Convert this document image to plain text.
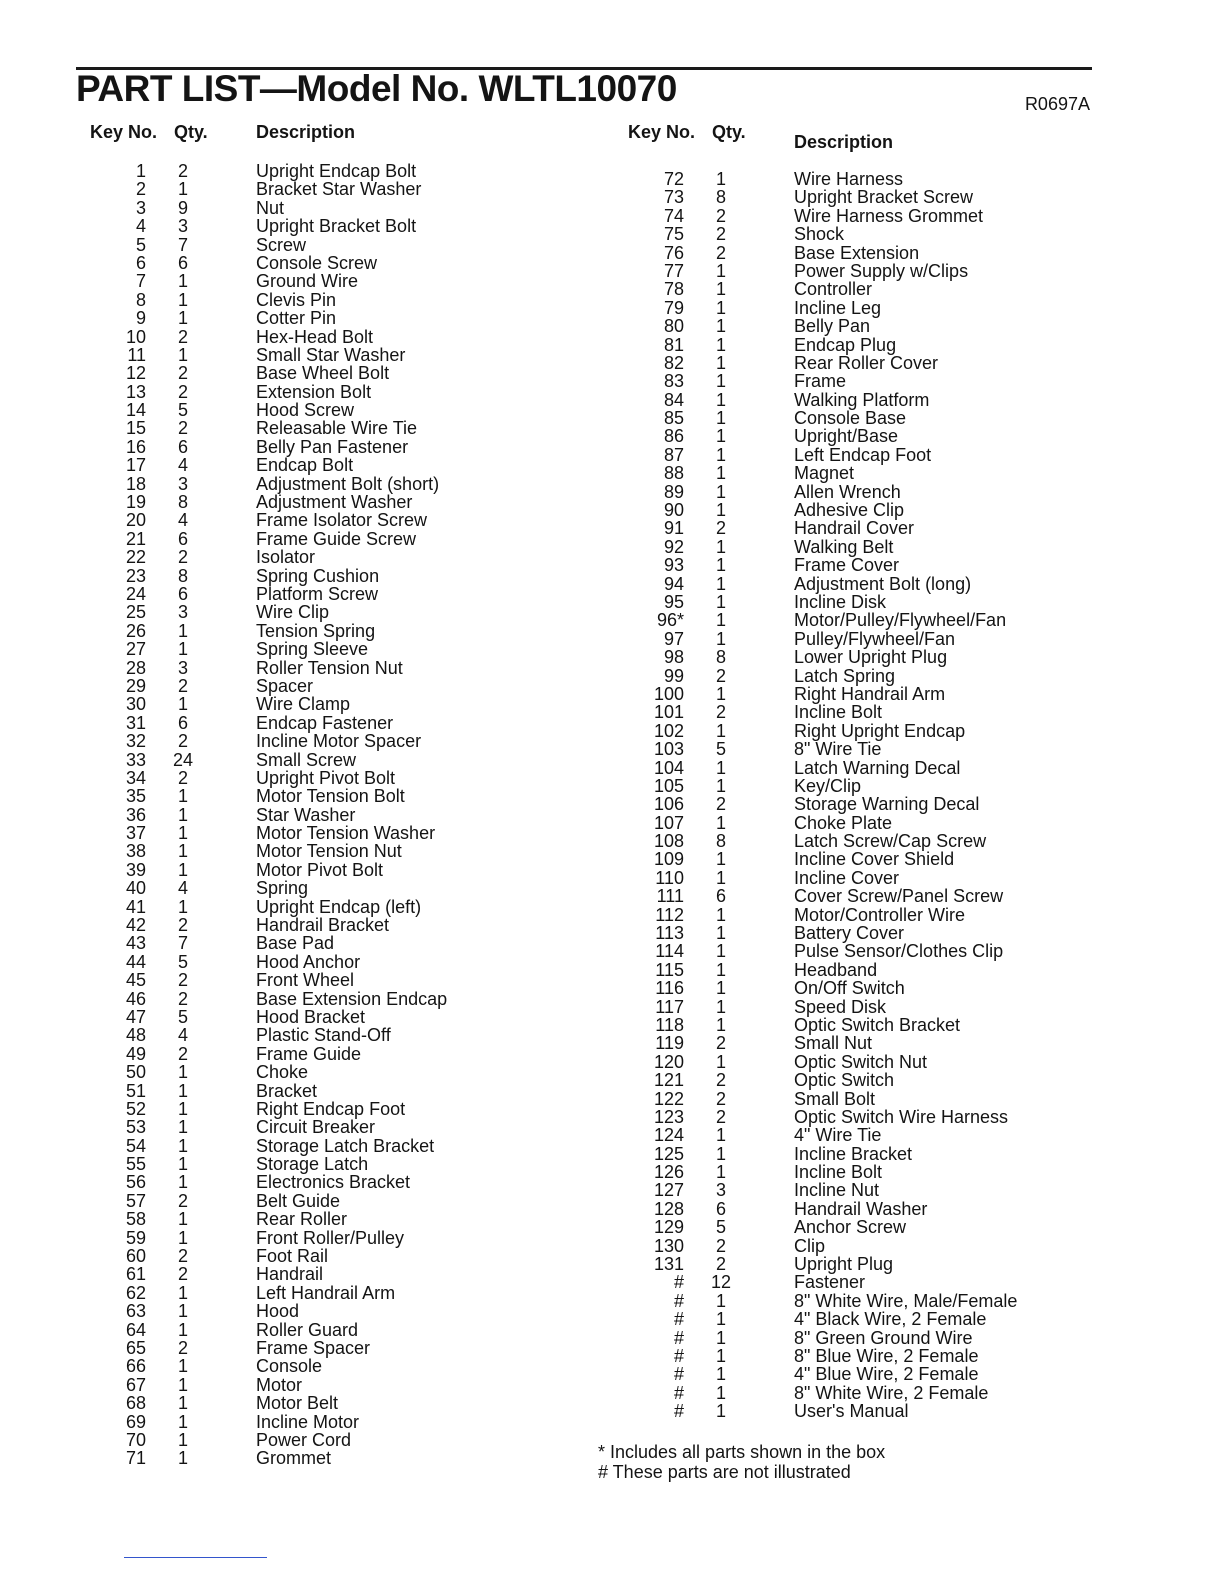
PART LIST—Model No. WLTL10070	R0697A
Key No. Qty.	Description
1	2	Upright Endcap Bolt
2	1	Bracket Star Washer
3	9	Nut
4	3	Upright Bracket Bolt
5	7	Screw
6	6	Console Screw
7	1	Ground Wire
8	1	Clevis Pin
9	1	Cotter Pin
10	2	Hex-Head Bolt
11	1	Small Star Washer
12	2	Base Wheel Bolt
13	2	Extension Bolt
14	5	Hood Screw
15	2	Releasable Wire Tie
16	6	Belly Pan Fastener
17	4	Endcap Bolt
18	3	Adjustment Bolt (short)
19	8	Adjustment Washer
20	4	Frame Isolator Screw
21	6	Frame Guide Screw
22	2	Isolator
23	8	Spring Cushion
24	6	Platform Screw
25	3	Wire Clip
26	1	Tension Spring
27	1	Spring Sleeve
28	3	Roller Tension Nut
29	2	Spacer
30	1	Wire Clamp
31	6	Endcap Fastener
32	2	Incline Motor Spacer
33 24	Small Screw
34	2	Upright Pivot Bolt
35	1	Motor Tension Bolt
36	1	Star Washer
37	1	Motor Tension Washer
38	1	Motor Tension Nut
39	1	Motor Pivot Bolt
40	4	Spring
41	1	Upright Endcap (left)
42	2	Handrail Bracket
43	7	Base Pad
44	5	Hood Anchor
45	2	Front Wheel
46	2	Base Extension Endcap
47	5	Hood Bracket
48	4	Plastic Stand-Off
49	2	Frame Guide
50	1	Choke
51	1	Bracket
52	1	Right Endcap Foot
53	1	Circuit Breaker
54	1	Storage Latch Bracket
55	1	Storage Latch
56	1	Electronics Bracket
57	2	Belt Guide
58	1	Rear Roller
59	1	Front Roller/Pulley
60	2	Foot Rail
61	2	Handrail
62	1	Left Handrail Arm
63	1	Hood
64	1	Roller Guard
65	2	Frame Spacer
66	1	Console
67	1	Motor
68	1	Motor Belt
69	1	Incline Motor
70	1	Power Cord
71	1	Grommet
Key No. Qty.	Description
72	1	Wire Harness
73	8	Upright Bracket Screw
74	2	Wire Harness Grommet
75	2	Shock
76	2	Base Extension
77	1	Power Supply w/Clips
78	1	Controller
79	1	Incline Leg
80	1	Belly Pan
81	1	Endcap Plug
82	1	Rear Roller Cover
83	1	Frame
84	1	Walking Platform
85	1	Console Base
86	1	Upright/Base
87	1	Left Endcap Foot
88	1	Magnet
89	1	Allen Wrench
90	1	Adhesive Clip
91	2	Handrail Cover
92	1	Walking Belt
93	1	Frame Cover
94	1	Adjustment Bolt (long)
95	1	Incline Disk
96*	1	Motor/Pulley/Flywheel/Fan
97	1	Pulley/Flywheel/Fan
98	8	Lower Upright Plug
99	2	Latch Spring
100	1	Right Handrail Arm
101	2	Incline Bolt
102	1	Right Upright Endcap
103	5	8" Wire Tie
104	1	Latch Warning Decal
105	1	Key/Clip
106	2	Storage Warning Decal
107	1	Choke Plate
108	8	Latch Screw/Cap Screw
109	1	Incline Cover Shield
110	1	Incline Cover
111	6	Cover Screw/Panel Screw
112	1	Motor/Controller Wire
113	1	Battery Cover
114	1	Pulse Sensor/Clothes Clip
115	1	Headband
116	1	On/Off Switch
117	1	Speed Disk
118	1	Optic Switch Bracket
119	2	Small Nut
120	1	Optic Switch Nut
121	2	Optic Switch
122	2	Small Bolt
123	2	Optic Switch Wire Harness
124	1	4" Wire Tie
125	1	Incline Bracket
126	1	Incline Bolt
127	3	Incline Nut
128	6	Handrail Washer
129	5	Anchor Screw
130	2	Clip
131	2	Upright Plug
# 12	Fastener
#	1	8" White Wire, Male/Female
#	1	4" Black Wire, 2 Female
#	1	8" Green Ground Wire
#	1	8" Blue Wire, 2 Female
#	1	4" Blue Wire, 2 Female
#	1	8" White Wire, 2 Female
#	1	User's Manual
* Includes all parts shown in the box
# These parts are not illustrated
